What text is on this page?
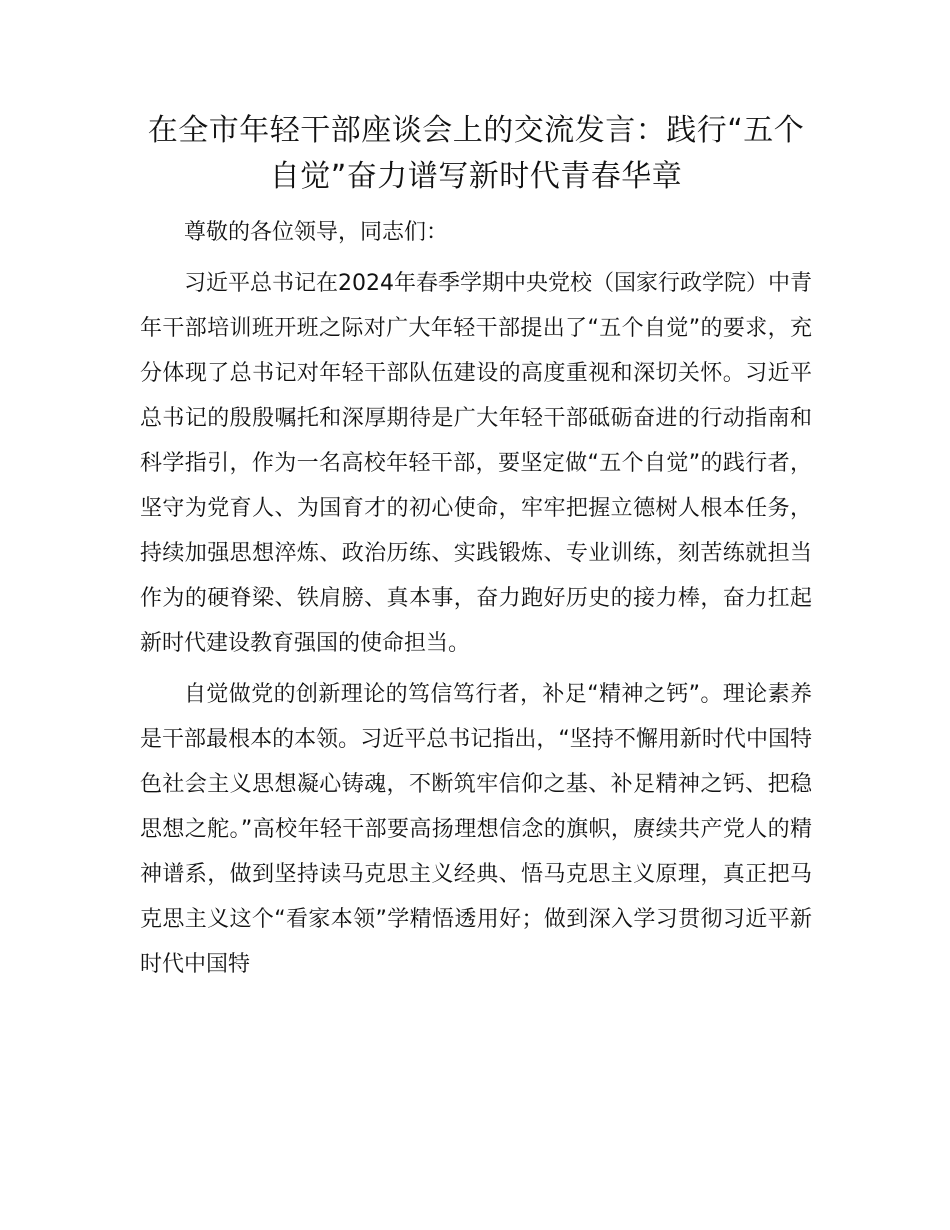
在全市年轻干部座谈会上的交流发言：践行“五个自觉”奋力谱写新时代青春华章

尊敬的各位领导，同志们：

习近平总书记在2024年春季学期中央党校（国家行政学院）中青年干部培训班开班之际对广大年轻干部提出了“五个自觉”的要求，充分体现了总书记对年轻干部队伍建设的高度重视和深切关怀。习近平总书记的殷殷嘱托和深厚期待是广大年轻干部砥砺奋进的行动指南和科学指引，作为一名高校年轻干部，要坚定做“五个自觉”的践行者，坚守为党育人、为国育才的初心使命，牢牢把握立德树人根本任务，持续加强思想淬炼、政治历练、实践锻炼、专业训练，刻苦练就担当作为的硬脊梁、铁肩膀、真本事，奋力跑好历史的接力棒，奋力扛起新时代建设教育强国的使命担当。

自觉做党的创新理论的笃信笃行者，补足“精神之钙”。理论素养是干部最根本的本领。习近平总书记指出，“坚持不懈用新时代中国特色社会主义思想凝心铸魂，不断筑牢信仰之基、补足精神之钙、把稳思想之舵。”高校年轻干部要高扬理想信念的旗帜，赓续共产党人的精神谱系，做到坚持读马克思主义经典、悟马克思主义原理，真正把马克思主义这个“看家本领”学精悟透用好；做到深入学习贯彻习近平新时代中国特
